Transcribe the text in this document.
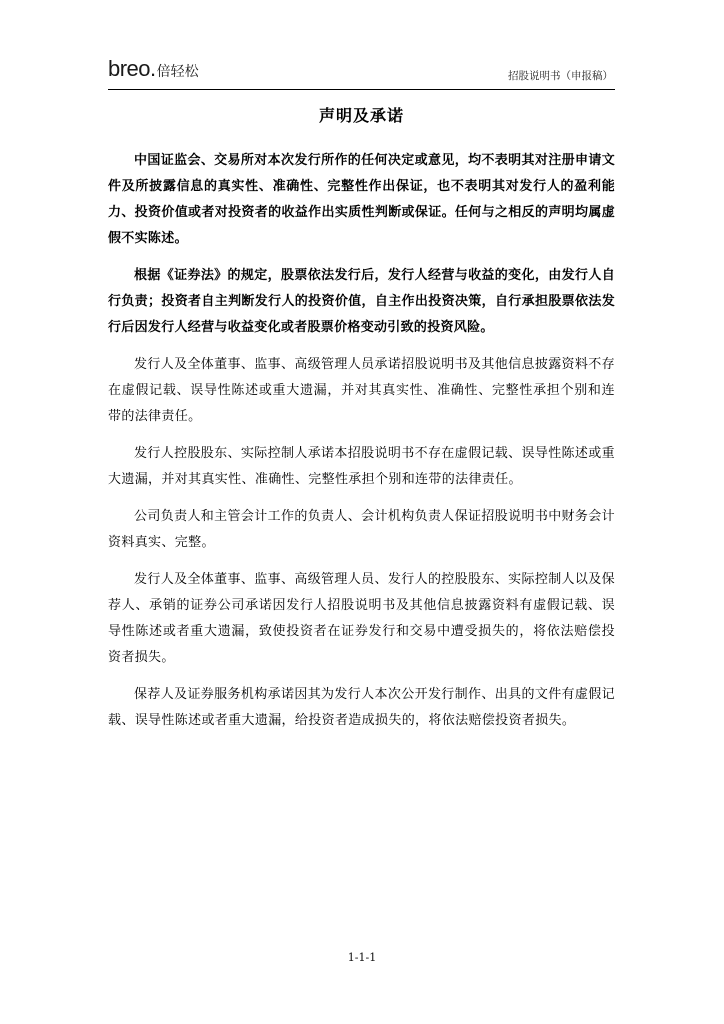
breo. 倍轻松	招股说明书（申报稿）
声明及承诺

中国证监会、交易所对本次发行所作的任何决定或意见，均不表明其对注册申请文件及所披露信息的真实性、准确性、完整性作出保证，也不表明其对发行人的盈利能力、投资价值或者对投资者的收益作出实质性判断或保证。任何与之相反的声明均属虚假不实陈述。

根据《证券法》的规定，股票依法发行后，发行人经营与收益的变化，由发行人自行负责；投资者自主判断发行人的投资价值，自主作出投资决策，自行承担股票依法发行后因发行人经营与收益变化或者股票价格变动引致的投资风险。

发行人及全体董事、监事、高级管理人员承诺招股说明书及其他信息披露资料不存在虚假记载、误导性陈述或重大遗漏，并对其真实性、准确性、完整性承担个别和连带的法律责任。

发行人控股股东、实际控制人承诺本招股说明书不存在虚假记载、误导性陈述或重大遗漏，并对其真实性、准确性、完整性承担个别和连带的法律责任。

公司负责人和主管会计工作的负责人、会计机构负责人保证招股说明书中财务会计资料真实、完整。

发行人及全体董事、监事、高级管理人员、发行人的控股股东、实际控制人以及保荐人、承销的证券公司承诺因发行人招股说明书及其他信息披露资料有虚假记载、误导性陈述或者重大遗漏，致使投资者在证券发行和交易中遭受损失的，将依法赔偿投资者损失。

保荐人及证券服务机构承诺因其为发行人本次公开发行制作、出具的文件有虚假记载、误导性陈述或者重大遗漏，给投资者造成损失的，将依法赔偿投资者损失。

1-1-1
